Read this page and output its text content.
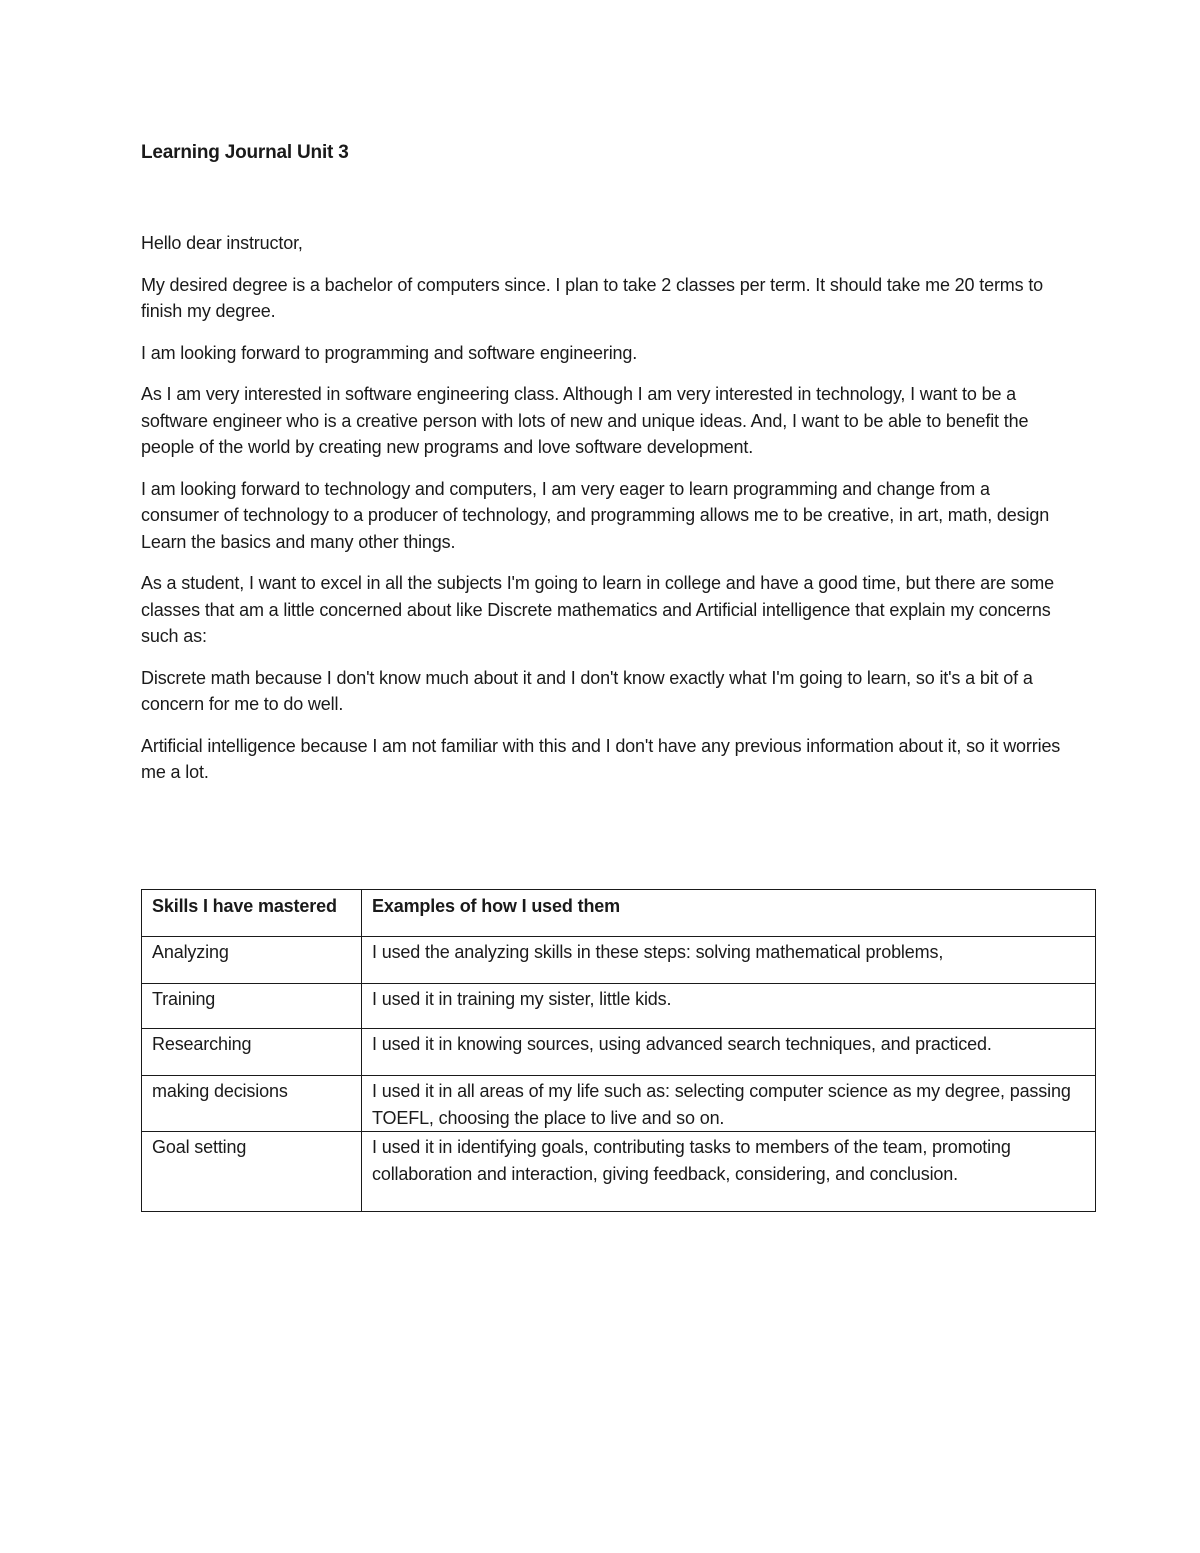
Learning Journal Unit 3

Hello dear instructor,

My desired degree is a bachelor of computers since. I plan to take 2 classes per term. It should take me 20 terms to finish my degree.

I am looking forward to programming and software engineering.

As I am very interested in software engineering class. Although I am very interested in technology, I want to be a software engineer who is a creative person with lots of new and unique ideas. And, I want to be able to benefit the people of the world by creating new programs and love software development.

I am looking forward to technology and computers, I am very eager to learn programming and change from a consumer of technology to a producer of technology, and programming allows me to be creative, in art, math, design Learn the basics and many other things.

As a student, I want to excel in all the subjects I'm going to learn in college and have a good time, but there are some classes that am a little concerned about like Discrete mathematics and Artificial intelligence that explain my concerns such as:

Discrete math because I don't know much about it and I don't know exactly what I'm going to learn, so it's a bit of a concern for me to do well.

Artificial intelligence because I am not familiar with this and I don't have any previous information about it, so it worries me a lot.

Skills I have mastered	Examples of how I used them
Analyzing	I used the analyzing skills in these steps: solving mathematical problems,
Training	I used it in training my sister, little kids.
Researching	I used it in knowing sources, using advanced search techniques, and practiced.
making decisions	I used it in all areas of my life such as: selecting computer science as my degree, passing TOEFL, choosing the place to live and so on.
Goal setting	I used it in identifying goals, contributing tasks to members of the team, promoting collaboration and interaction, giving feedback, considering, and conclusion.
